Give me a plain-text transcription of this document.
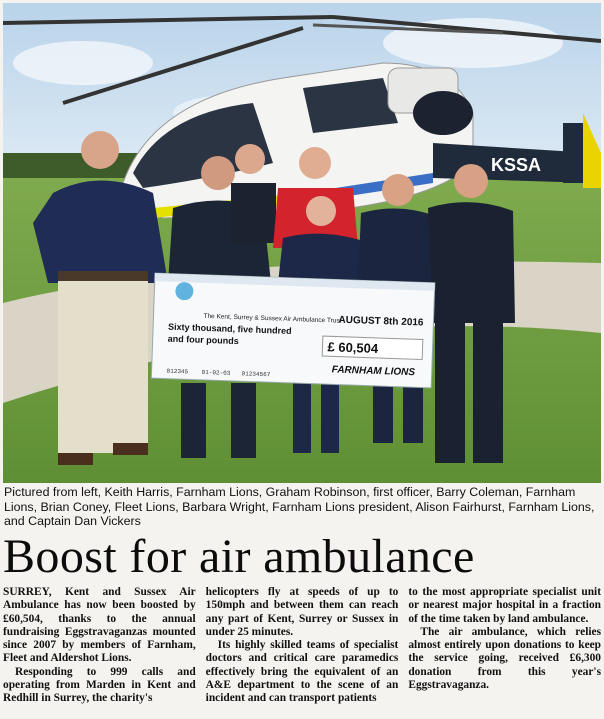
KSSA
The Kent, Surrey & Sussex Air Ambulance Trust
AUGUST 8th 2016
Sixty thousand, five hundred
and four pounds	£ 60,504
FARNHAM LIONS
012345 01-02-03 01234567
Pictured from left, Keith Harris, Farnham Lions, Graham Robinson, first officer, Barry Coleman, Farnham Lions, Brian Coney, Fleet Lions, Barbara Wright, Farnham Lions president, Alison Fairhurst, Farnham Lions, and Captain Dan Vickers
Boost for air ambulance

SURREY, Kent and Sussex Air Ambulance has now been boosted by £60,504, thanks to the annual fundraising Eggstravaganzas mounted since 2007 by members of Farnham, Fleet and Aldershot Lions.

Responding to 999 calls and operating from Marden in Kent and Redhill in Surrey, the charity's

helicopters fly at speeds of up to 150mph and between them can reach any part of Kent, Surrey or Sussex in under 25 minutes.

Its highly skilled teams of specialist doctors and critical care paramedics effectively bring the equivalent of an A&E department to the scene of an incident and can transport patients

to the most appropriate specialist unit or nearest major hospital in a fraction of the time taken by land ambulance.

The air ambulance, which relies almost entirely upon donations to keep the service going, received £6,300 donation from this year's Eggstravaganza.
